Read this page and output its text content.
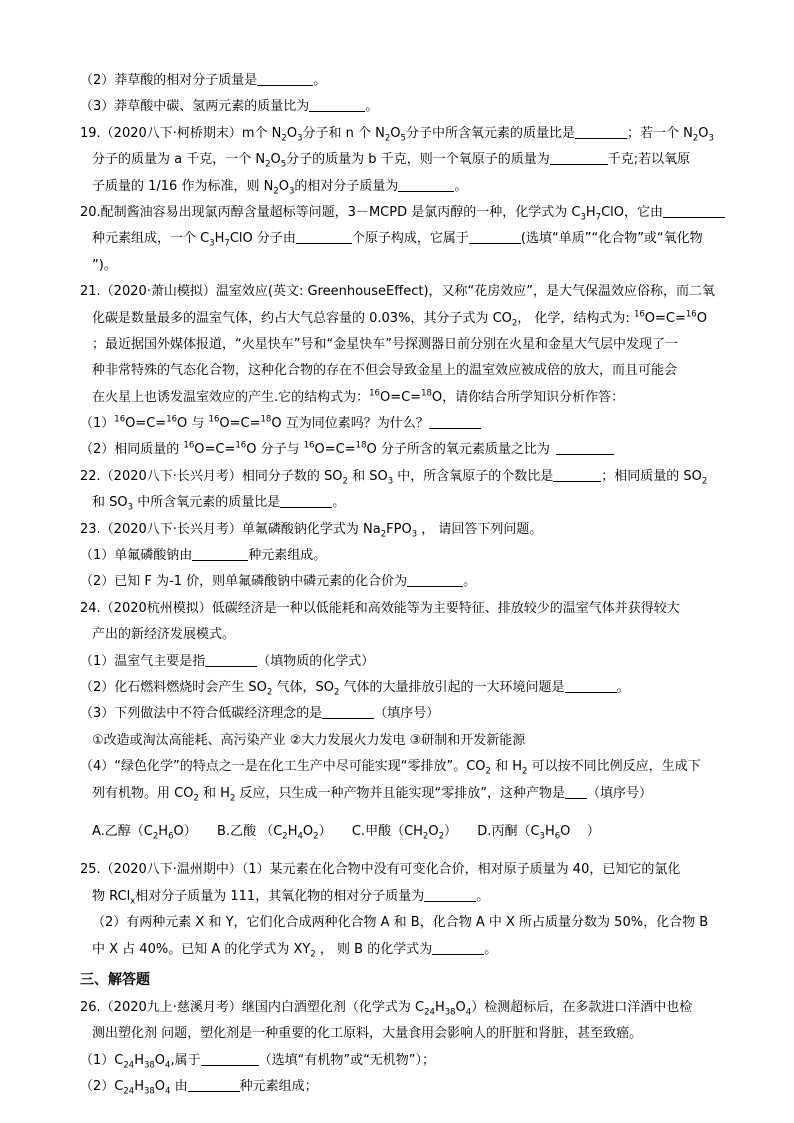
（2）莽草酸的相对分子质量是	。
（3）莽草酸中碳、氢两元素的质量比为	。
19.（2020八下·柯桥期末）m个 $N_2O_3$分子和 n 个 $N_2O_5$分子中所含氧元素的质量比是	；若一个 $N_2O_3$
分子的质量为 a 千克，一个 $N_2O_5$分子的质量为 b 千克，则一个氧原子的质量为	千克;若以氧原
子质量的 1/16 作为标准，则 $N_2O_3$的相对分子质量为	。
20.配制酱油容易出现氯丙醇含量超标等问题，3－MCPD 是氯丙醇的一种，化学式为 $C_3H_7ClO$，它由
种元素组成，一个 $C_3H_7ClO$ 分子由	个原子构成，它属于	(选填“单质”“化合物”或“氧化物
”)。
21.（2020·萧山模拟）温室效应(英文: GreenhouseEffect)，又称“花房效应”，是大气保温效应俗称，而二氧
化碳是数量最多的温室气体，约占大气总容量的 0.03%，其分子式为 $CO_2$， 化学，结构式为: $^{16}$O=C=$^{16}$O
；最近据国外媒体报道，“火星快车”号和“金星快车”号探测器日前分别在火星和金星大气层中发现了一
种非常特殊的气态化合物，这种化合物的存在不但会导致金星上的温室效应被成倍的放大，而且可能会
在火星上也诱发温室效应的产生.它的结构式为：$^{16}$O=C=$^{18}$O，请你结合所学知识分析作答：
$(1)^{16}O=C=^{16}O$ 与 $^{16}$O=C=$^{18}$O 互为同位素吗？为什么？
（2）相同质量的 $^{16}$O=C=$^{16}$O 分子与 $^{16}$O=C=$^{18}$O 分子所含的氧元素质量之比为
22.（2020八下·长兴月考）相同分子数的 $SO_2$ 和 $SO_3$ 中，所含氧原子的个数比是	；相同质量的 $SO_2$
和 $SO_3$ 中所含氧元素的质量比是	。
23.（2020八下·长兴月考）单氟磷酸钠化学式为 $Na_2FPO_3$ ， 请回答下列问题。
（1）单氟磷酸钠由	种元素组成。
（2）已知 F 为-1 价，则单氟磷酸钠中磷元素的化合价为	。
24.（2020杭州模拟）低碳经济是一种以低能耗和高效能等为主要特征、排放较少的温室气体并获得较大
产出的新经济发展模式。
（1）温室气主要是指	（填物质的化学式）
（2）化石燃料燃烧时会产生 $SO_2$ 气体，$SO_2$ 气体的大量排放引起的一大环境问题是	。
（3）下列做法中不符合低碳经济理念的是	（填序号）
①改造或淘汰高能耗、高污染产业 ②大力发展火力发电 ③研制和开发新能源
（4）“绿色化学”的特点之一是在化工生产中尽可能实现“零排放”。$CO_2$ 和 $H_2$ 可以按不同比例反应，生成下
列有机物。用 $CO_2$ 和 $H_2$ 反应，只生成一种产物并且能实现“零排放”，这种产物是 （填序号）
A.乙醇$(C_2H_6O)$ B.乙酸 $(C_2H_4O_2)$ C.甲酸$(CH_2O_2)$ D.丙酮（$C_3H_6O$    ）
25.（2020八下·温州期中）（1）某元素在化合物中没有可变化合价，相对原子质量为 40，已知它的氯化
物 RCl$_x$相对分子质量为 111，其氧化物的相对分子质量为	。
（2）有两种元素 X 和 Y，它们化合成两种化合物 A 和 B，化合物 A 中 X 所占质量分数为 50%，化合物 B
中 X 占 40%。已知 A 的化学式为 $XY_2$ ， 则 B 的化学式为	。
三、解答题
26.（2020九上·慈溪月考）继国内白酒塑化剂（化学式为 $C_{24}H_{38}O_4$）检测超标后，在多款进口洋酒中也检
测出塑化剂 问题，塑化剂是一种重要的化工原料，大量食用会影响人的肝脏和肾脏，甚至致癌。
$(1)C_{24}H_{38}O_4$,属于	（选填“有机物”或“无机物”）；
$(2)C_{24}H_{38}O_4$ 由	种元素组成；
